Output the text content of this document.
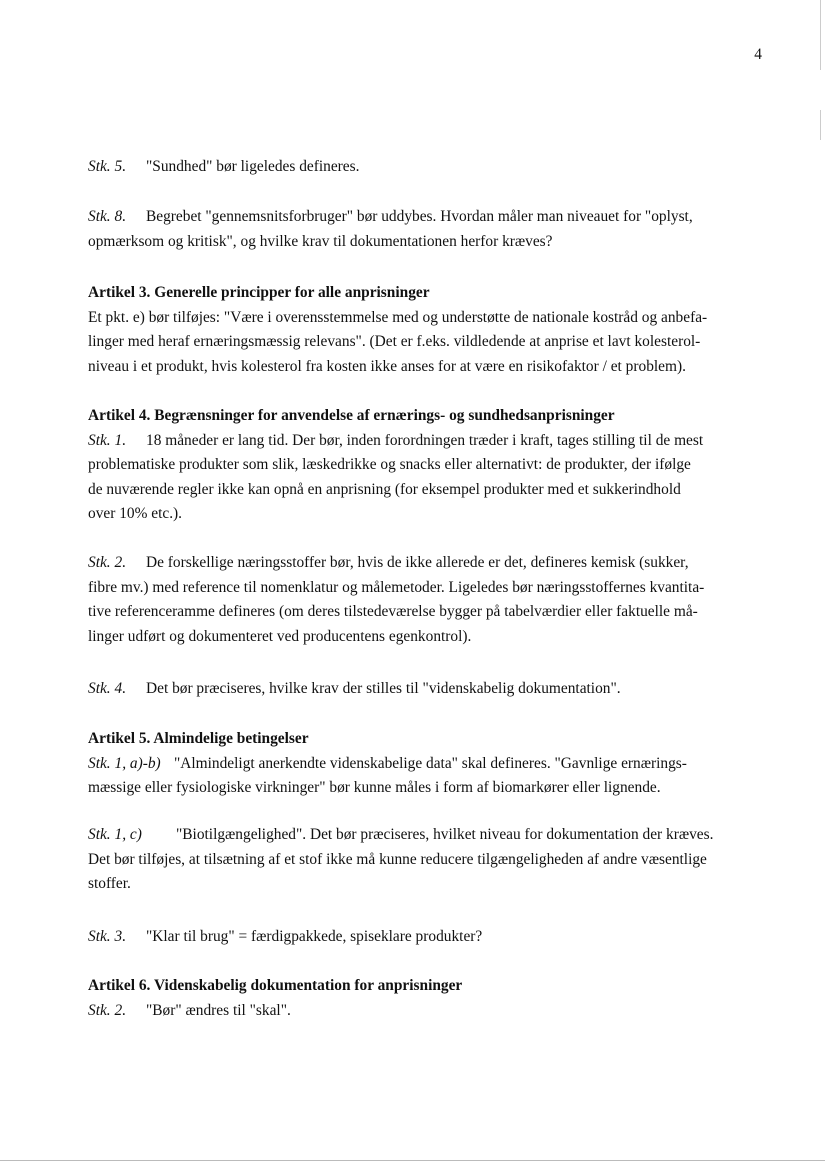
4

Stk. 5. "Sundhed" bør ligeledes defineres.

Stk. 8. Begrebet "gennemsnitsforbruger" bør uddybes. Hvordan måler man niveauet for "oplyst,

opmærksom og kritisk", og hvilke krav til dokumentationen herfor kræves?

Artikel 3. Generelle principper for alle anprisninger

Et pkt. e) bør tilføjes: "Være i overensstemmelse med og understøtte de nationale kostråd og anbefa-

linger med heraf ernæringsmæssig relevans". (Det er f.eks. vildledende at anprise et lavt kolesterol-

niveau i et produkt, hvis kolesterol fra kosten ikke anses for at være en risikofaktor / et problem).

Artikel 4. Begrænsninger for anvendelse af ernærings- og sundhedsanprisninger

Stk. 1. 18 måneder er lang tid. Der bør, inden forordningen træder i kraft, tages stilling til de mest

problematiske produkter som slik, læskedrikke og snacks eller alternativt: de produkter, der ifølge

de nuværende regler ikke kan opnå en anprisning (for eksempel produkter med et sukkerindhold

over 10% etc.).

Stk. 2. De forskellige næringsstoffer bør, hvis de ikke allerede er det, defineres kemisk (sukker,

fibre mv.) med reference til nomenklatur og målemetoder. Ligeledes bør næringsstoffernes kvantita-

tive referenceramme defineres (om deres tilstedeværelse bygger på tabelværdier eller faktuelle må-

linger udført og dokumenteret ved producentens egenkontrol).

Stk. 4. Det bør præciseres, hvilke krav der stilles til "videnskabelig dokumentation".

Artikel 5. Almindelige betingelser

Stk. 1, a)-b) "Almindeligt anerkendte videnskabelige data" skal defineres. "Gavnlige ernærings-

mæssige eller fysiologiske virkninger" bør kunne måles i form af biomarkører eller lignende.

Stk. 1, c) "Biotilgængelighed". Det bør præciseres, hvilket niveau for dokumentation der kræves.

Det bør tilføjes, at tilsætning af et stof ikke må kunne reducere tilgængeligheden af andre væsentlige

stoffer.

Stk. 3. "Klar til brug" = færdigpakkede, spiseklare produkter?

Artikel 6. Videnskabelig dokumentation for anprisninger

Stk. 2. "Bør" ændres til "skal".
